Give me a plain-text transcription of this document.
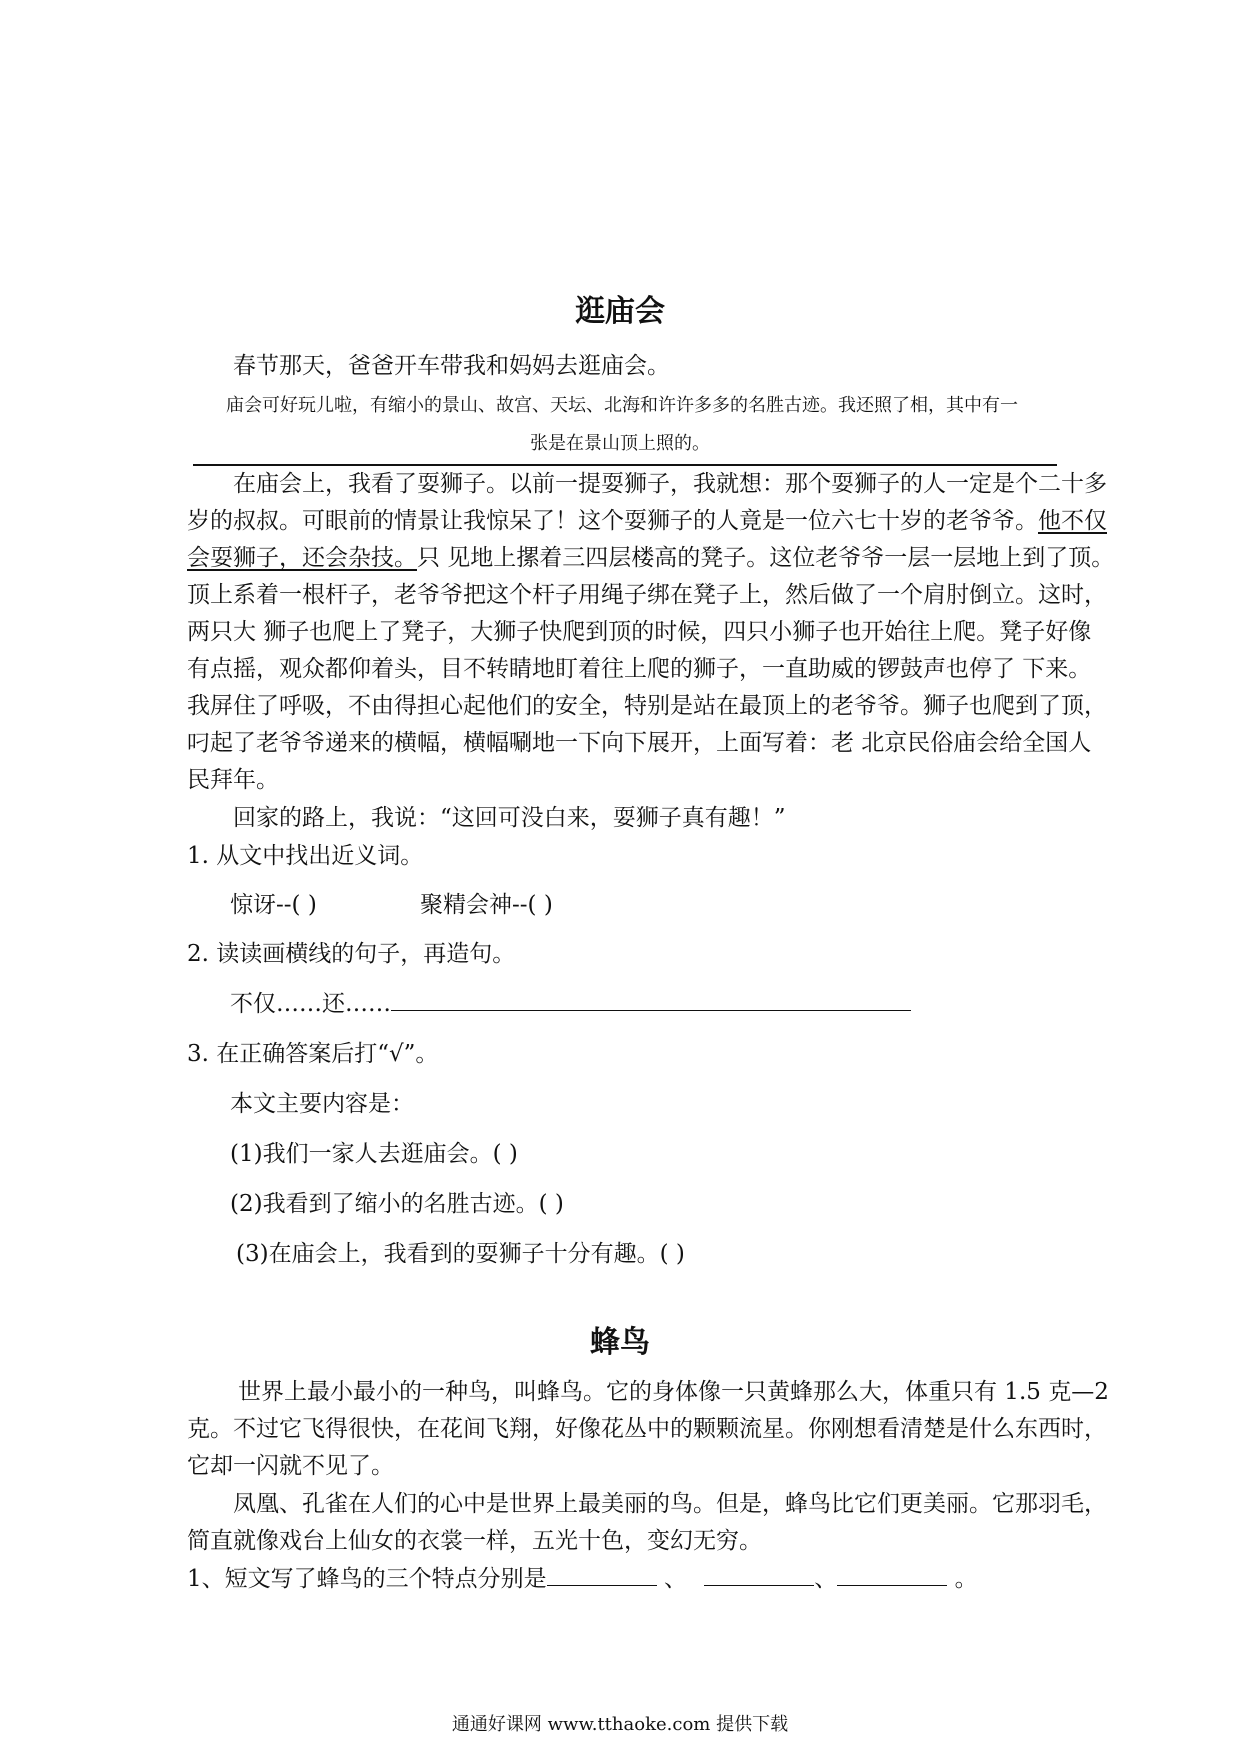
逛庙会
春节那天，爸爸开车带我和妈妈去逛庙会。
庙会可好玩儿啦，有缩小的景山、故宫、天坛、北海和许许多多的名胜古迹。我还照了相，其中有一
张是在景山顶上照的。
在庙会上，我看了耍狮子。以前一提耍狮子，我就想：那个耍狮子的人一定是个二十多
岁的叔叔。可眼前的情景让我惊呆了！这个耍狮子的人竟是一位六七十岁的老爷爷。他不仅
会耍狮子，还会杂技。只 见地上摞着三四层楼高的凳子。这位老爷爷一层一层地上到了顶。
顶上系着一根杆子，老爷爷把这个杆子用绳子绑在凳子上，然后做了一个肩肘倒立。这时，
两只大 狮子也爬上了凳子，大狮子快爬到顶的时候，四只小狮子也开始往上爬。凳子好像
有点摇，观众都仰着头，目不转睛地盯着往上爬的狮子，一直助威的锣鼓声也停了 下来。
我屏住了呼吸，不由得担心起他们的安全，特别是站在最顶上的老爷爷。狮子也爬到了顶，
叼起了老爷爷递来的横幅，横幅唰地一下向下展开，上面写着：老 北京民俗庙会给全国人
民拜年。
回家的路上，我说：“这回可没白来，耍狮子真有趣！”
1. 从文中找出近义词。
惊讶--( )	聚精会神--( )
2. 读读画横线的句子，再造句。
不仅……还……
3. 在正确答案后打“√”。
本文主要内容是：
(1)我们一家人去逛庙会。( )
(2)我看到了缩小的名胜古迹。( )
(3)在庙会上，我看到的耍狮子十分有趣。( )
蜂鸟
世界上最小最小的一种鸟，叫蜂鸟。它的身体像一只黄蜂那么大，体重只有 1.5 克—2
克。不过它飞得很快，在花间飞翔，好像花丛中的颗颗流星。你刚想看清楚是什么东西时，
它却一闪就不见了。
凤凰、孔雀在人们的心中是世界上最美丽的鸟。但是，蜂鸟比它们更美丽。它那羽毛，
简直就像戏台上仙女的衣裳一样，五光十色，变幻无穷。
1、短文写了蜂鸟的三个特点分别是	、	、	。
通通好课网 www.tthaoke.com 提供下载
